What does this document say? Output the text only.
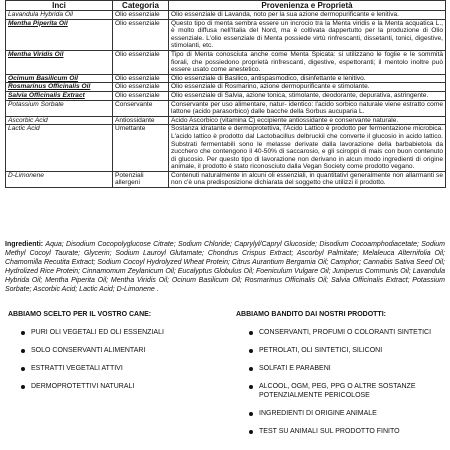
Inci	Categoria	Provenienza e Proprietà
Lavandula Hybrida Oil	Olio essenziale	Olio essenziale di Lavanda, noto per la sua azione dermopurificante e lenitiva.
Mentha Piperita Oil	Olio essenziale	Questo tipo di menta sembra essere un incrocio tra la Menta viridis e la Menta acquatica L., è molto diffusa nell'Italia del Nord, ma è coltivata dappertutto per la produzione di Olio essenziale. L'olio essenziale di Menta possiede virtù rinfrescanti, dissetanti, tonici, digestive, stimolanti, etc.
Mentha Viridis Oil	Olio essenziale	Tipo di Menta conosciuta anche come Menta Spicata: si utilizzano le foglie e le sommità fiorali, che possiedono proprietà rinfrescanti, digestive, espettoranti; il mentolo inoltre può essere usato come anestetico.
Ocimum Basilicum Oil	Olio essenziale	Olio essenziale di Basilico, antispasmodico, disinfettante e lenitivo.
Rosmarinus Officinalis Oil	Olio essenziale	Olio essenziale di Rosmarino, azione dermopurificante e stimolante.
Salvia Officinalis Extract	Olio essenziale	Olio essenziale di Salvia, azione tonica, stimolante, deodorante, depurativa, astringente.
Potassium Sorbate	Conservante	Conservante per uso alimentare, natur- identico: l'acido sorbico naturale viene estratto come lattone (acido parasorbico) dalle bacche della Sorbus aucuparia L.
Ascorbic Acid	Antiossidante	Acido Ascorbico (vitamina C) eccipiente antiossidante e conservante naturale.
Lactic Acid	Umettante	Sostanza idratante e dermoprotettiva, l'Acido Lattico è prodotto per fermentazione microbica. L'acido lattico è prodotto dal Lactobacillus delbruckii che converte il glucosio in acido lattico. Substrati fermentabili sono le melasse derivate dalla lavorazione della barbabietola da zucchero che contengono il 40-50% di saccarosio, e gli sciroppi di mais con buon contenuto di glucosio. Per questo tipo di lavorazione non derivano in alcun modo ingredienti di origine animale, il prodotto è stato riconosciuto dalla Vegan Society come prodotto vegano.
D-Limonene	Potenziali allergeni	Contenuti naturalmente in alcuni oli essenziali, in quantitativi generalmente non allarmanti se non c'è una predisposizione dichiarata del soggetto che utilizzi il prodotto.
Ingredienti: Aqua; Disodium Cocopolyglucose Citrate; Sodium Chloride; Caprylyl/Capryl Glucoside; Disodium Cocoamphodiacetate; Sodium Methyl Cocoyl Taurate; Glycerin; Sodium Lauroyl Glutamate; Chondrus Crispus Extract; Ascorbyl Palmitate; Melaleuca Alternifolia Oil; Chamomilla Recutita Extract; Sodium Cocoyl Hydrolyzed Wheat Protein; Citrus Aurantium Bergamia Oil; Camphor; Cannabis Sativa Seed Oil; Hydrolized Rice Protein; Cinnamomum Zeylanicum Oil; Eucalyptus Globulus Oil; Foeniculum Vulgare Oil; Juniperus Communis Oil; Lavandula Hybrida Oil; Mentha Piperita Oil; Mentha Viridis Oil; Ocinum Basilicum Oil; Rosmarinus Officinalis Oil; Salvia Officinalis Extract; Potassium Sorbate; Ascorbic Acid; Lactic Acid; D-Limonene .
ABBIAMO SCELTO PER IL VOSTRO CANE:
PURI OLI VEGETALI ED OLI ESSENZIALI
SOLO CONSERVANTI ALIMENTARI
ESTRATTI VEGETALI ATTIVI
DERMOPROTETTIVI NATURALI
ABBIAMO BANDITO DAI NOSTRI PRODOTTI:
CONSERVANTI, PROFUMI O COLORANTI SINTETICI
PETROLATI, OLI SINTETICI, SILICONI
SOLFATI E PARABENI
ALCOOL, OGM, PEG, PPG O ALTRE SOSTANZE POTENZIALMENTE PERICOLOSE
INGREDIENTI DI ORIGINE ANIMALE
TEST SU ANIMALI SUL PRODOTTO FINITO
